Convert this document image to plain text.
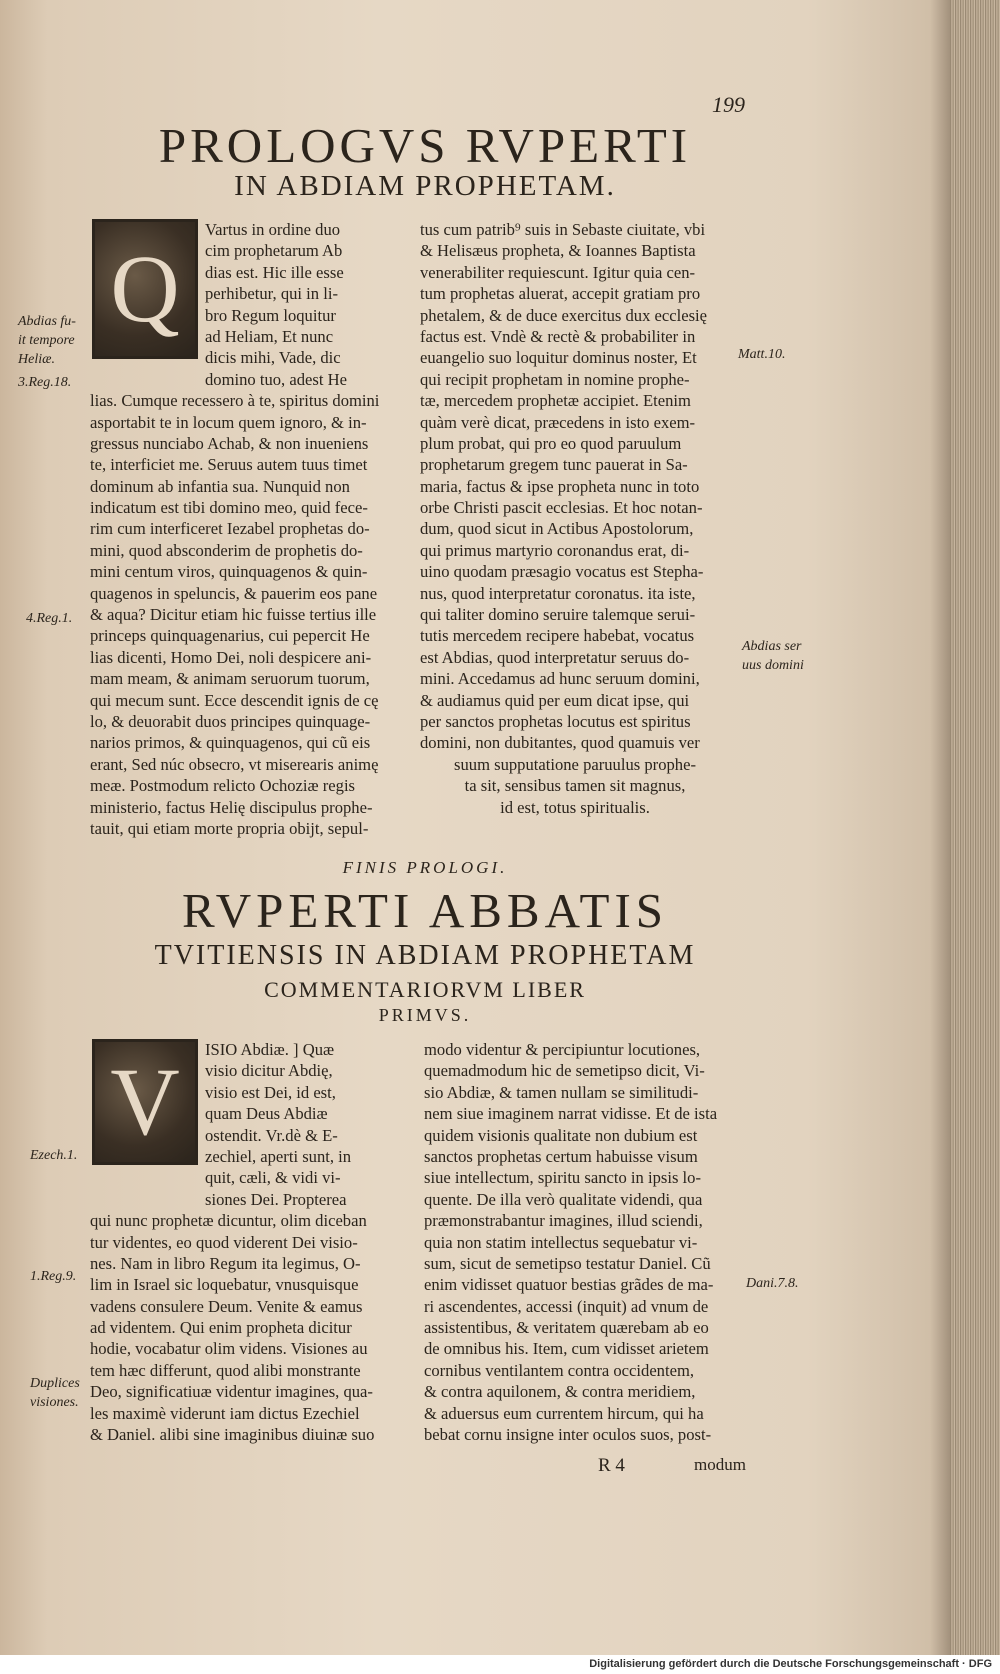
199
PROLOGVS RVPERTI
IN ABDIAM PROPHETAM.
Q
Vartus in ordine duo
cim prophetarum Ab
dias est. Hic ille esse
perhibetur, qui in li-
bro Regum loquitur
ad Heliam, Et nunc
dicis mihi, Vade, dic
domino tuo, adest He
lias. Cumque recessero à te, spiritus domini
asportabit te in locum quem ignoro, & in-
gressus nunciabo Achab, & non inueniens
te, interficiet me. Seruus autem tuus timet
dominum ab infantia sua. Nunquid non
indicatum est tibi domino meo, quid fece-
rim cum interficeret Iezabel prophetas do-
mini, quod absconderim de prophetis do-
mini centum viros, quinquagenos & quin-
quagenos in speluncis, & pauerim eos pane
& aqua? Dicitur etiam hic fuisse tertius ille
princeps quinquagenarius, cui pepercit He
lias dicenti, Homo Dei, noli despicere ani-
mam meam, & animam seruorum tuorum,
qui mecum sunt. Ecce descendit ignis de cę
lo, & deuorabit duos principes quinquage-
narios primos, & quinquagenos, qui cũ eis
erant, Sed núc obsecro, vt miserearis animę
meæ. Postmodum relicto Ochoziæ regis
ministerio, factus Helię discipulus prophe-
tauit, qui etiam morte propria obijt, sepul-
tus cum patrib⁹ suis in Sebaste ciuitate, vbi
& Helisæus propheta, & Ioannes Baptista
venerabiliter requiescunt. Igitur quia cen-
tum prophetas aluerat, accepit gratiam pro
phetalem, & de duce exercitus dux ecclesię
factus est. Vndè & rectè & probabiliter in
euangelio suo loquitur dominus noster, Et
qui recipit prophetam in nomine prophe-
tæ, mercedem prophetæ accipiet. Etenim
quàm verè dicat, præcedens in isto exem-
plum probat, qui pro eo quod paruulum
prophetarum gregem tunc pauerat in Sa-
maria, factus & ipse propheta nunc in toto
orbe Christi pascit ecclesias. Et hoc notan-
dum, quod sicut in Actibus Apostolorum,
qui primus martyrio coronandus erat, di-
uino quodam præsagio vocatus est Stepha-
nus, quod interpretatur coronatus. ita iste,
qui taliter domino seruire talemque serui-
tutis mercedem recipere habebat, vocatus
est Abdias, quod interpretatur seruus do-
mini. Accedamus ad hunc seruum domini,
& audiamus quid per eum dicat ipse, qui
per sanctos prophetas locutus est spiritus
domini, non dubitantes, quod quamuis ver
suum supputatione paruulus prophe-
ta sit, sensibus tamen sit magnus,
id est, totus spiritualis.
Abdias fu-
it tempore
Heliæ.
3.Reg.18.
4.Reg.1.
Matt.10.
Abdias ser
uus domini
FINIS PROLOGI.
RVPERTI ABBATIS
TVITIENSIS IN ABDIAM PROPHETAM
COMMENTARIORVM LIBER
PRIMVS.
V	ISIO Abdiæ. ] Quæ
visio dicitur Abdię,
visio est Dei, id est,
quam Deus Abdiæ
ostendit. Vr.dè & E-
zechiel, aperti sunt, in
quit, cæli, & vidi vi-
siones Dei. Propterea
qui nunc prophetæ dicuntur, olim diceban
tur videntes, eo quod viderent Dei visio-
nes. Nam in libro Regum ita legimus, O-
lim in Israel sic loquebatur, vnusquisque
vadens consulere Deum. Venite & eamus
ad videntem. Qui enim propheta dicitur
hodie, vocabatur olim videns. Visiones au
tem hæc differunt, quod alibi monstrante
Deo, significatiuæ videntur imagines, qua-
les maximè viderunt iam dictus Ezechiel
& Daniel. alibi sine imaginibus diuinæ suo
modo videntur & percipiuntur locutiones,
quemadmodum hic de semetipso dicit, Vi-
sio Abdiæ, & tamen nullam se similitudi-
nem siue imaginem narrat vidisse. Et de ista
quidem visionis qualitate non dubium est
sanctos prophetas certum habuisse visum
siue intellectum, spiritu sancto in ipsis lo-
quente. De illa verò qualitate videndi, qua
præmonstrabantur imagines, illud sciendi,
quia non statim intellectus sequebatur vi-
sum, sicut de semetipso testatur Daniel. Cũ
enim vidisset quatuor bestias grãdes de ma-
ri ascendentes, accessi (inquit) ad vnum de
assistentibus, & veritatem quærebam ab eo
de omnibus his. Item, cum vidisset arietem
cornibus ventilantem contra occidentem,
& contra aquilonem, & contra meridiem,
& aduersus eum currentem hircum, qui ha
bebat cornu insigne inter oculos suos, post-
Ezech.1.
1.Reg.9.	Dani.7.8.
Duplices
visiones.
R 4	modum
Digitalisierung gefördert durch die Deutsche Forschungsgemeinschaft · DFG
